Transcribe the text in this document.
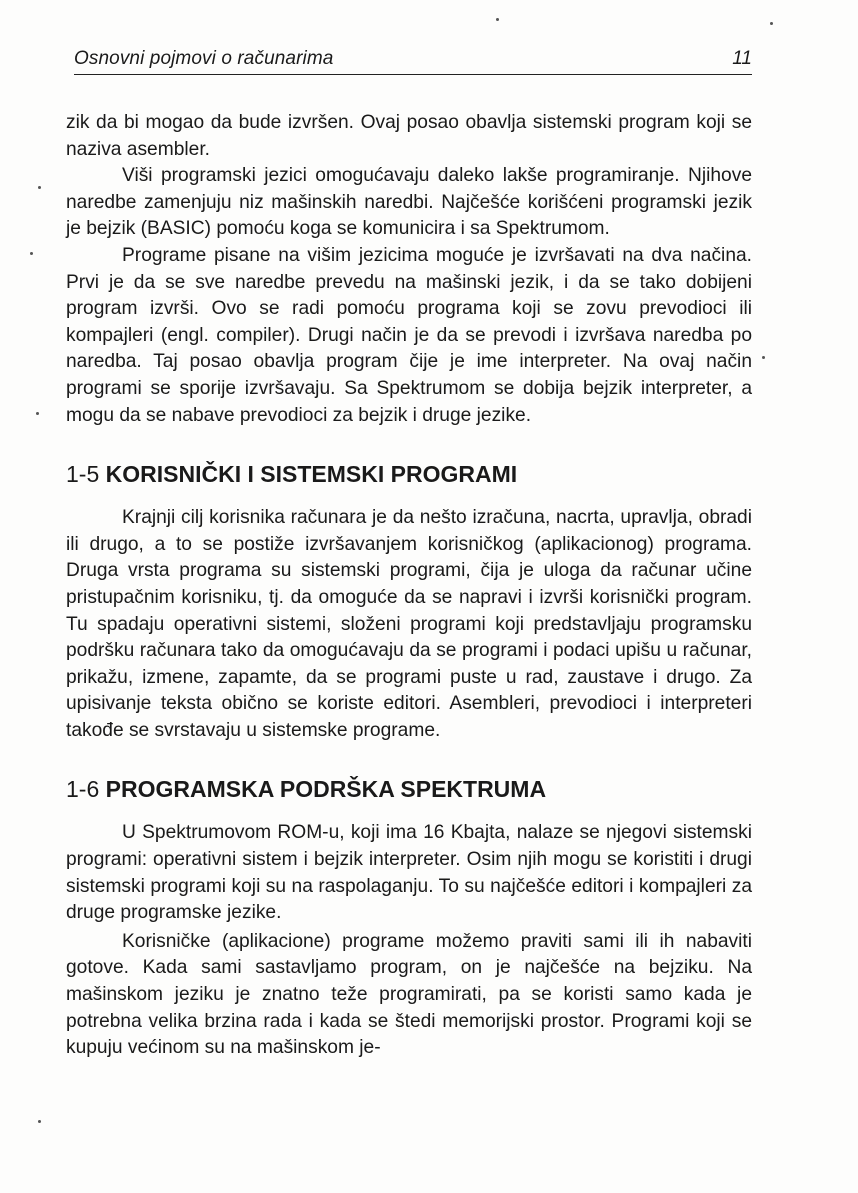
Osnovni pojmovi o računarima	11

zik da bi mogao da bude izvršen. Ovaj posao obavlja sistemski program koji se naziva asembler.

Viši programski jezici omogućavaju daleko lakše programiranje. Njihove naredbe zamenjuju niz mašinskih naredbi. Najčešće korišćeni programski jezik je bejzik (BASIC) pomoću koga se komunicira i sa Spektrumom.

Programe pisane na višim jezicima moguće je izvršavati na dva načina. Prvi je da se sve naredbe prevedu na mašinski jezik, i da se tako dobijeni program izvrši. Ovo se radi pomoću programa koji se zovu prevodioci ili kompajleri (engl. compiler). Drugi način je da se prevodi i izvršava naredba po naredba. Taj posao obavlja program čije je ime interpreter. Na ovaj način programi se sporije izvršavaju. Sa Spektrumom se dobija bejzik interpreter, a mogu da se nabave prevodioci za bejzik i druge jezike.

1-5 KORISNIČKI I SISTEMSKI PROGRAMI

Krajnji cilj korisnika računara je da nešto izračuna, nacrta, upravlja, obradi ili drugo, a to se postiže izvršavanjem korisničkog (aplikacionog) programa. Druga vrsta programa su sistemski programi, čija je uloga da računar učine pristupačnim korisniku, tj. da omoguće da se napravi i izvrši korisnički program. Tu spadaju operativni sistemi, složeni programi koji predstavljaju programsku podršku računara tako da omogućavaju da se programi i podaci upišu u računar, prikažu, izmene, zapamte, da se programi puste u rad, zaustave i drugo. Za upisivanje teksta obično se koriste editori. Asembleri, prevodioci i interpreteri takođe se svrstavaju u sistemske programe.

1-6 PROGRAMSKA PODRŠKA SPEKTRUMA

U Spektrumovom ROM-u, koji ima 16 Kbajta, nalaze se njegovi sistemski programi: operativni sistem i bejzik interpreter. Osim njih mogu se koristiti i drugi sistemski programi koji su na raspolaganju. To su najčešće editori i kompajleri za druge programske jezike.

Korisničke (aplikacione) programe možemo praviti sami ili ih nabaviti gotove. Kada sami sastavljamo program, on je najčešće na bejziku. Na mašinskom jeziku je znatno teže programirati, pa se koristi samo kada je potrebna velika brzina rada i kada se štedi memorijski prostor. Programi koji se kupuju većinom su na mašinskom je-
